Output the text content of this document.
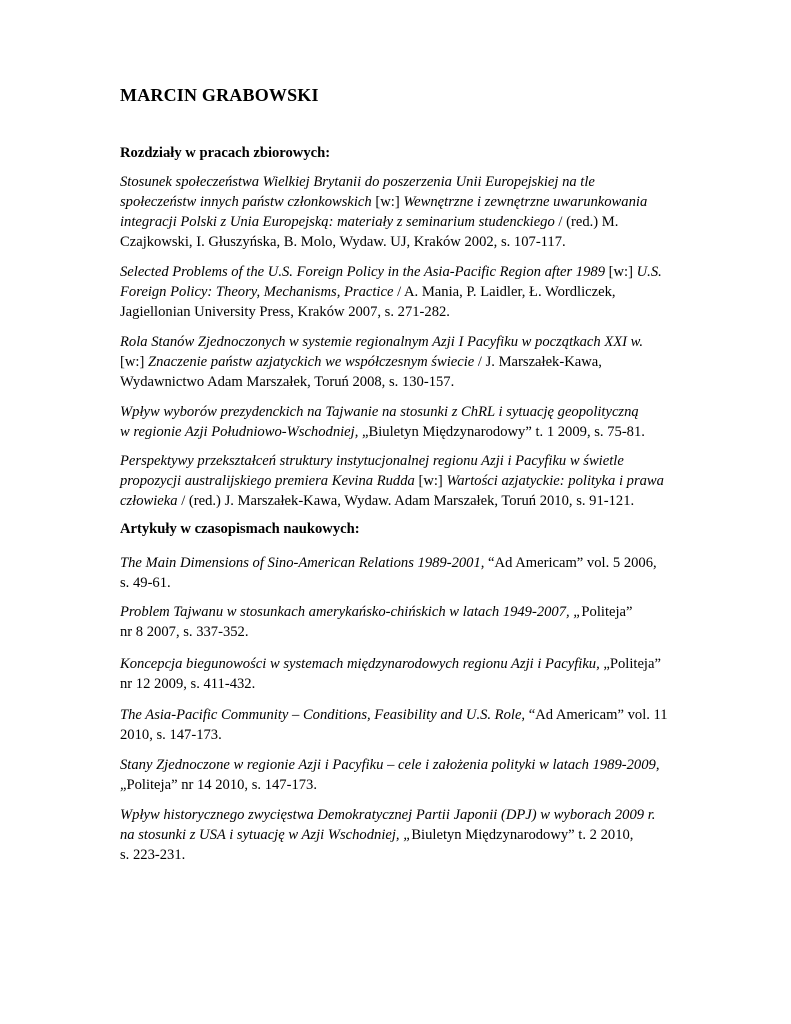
MARCIN GRABOWSKI
Rozdziały w pracach zbiorowych:
Stosunek społeczeństwa Wielkiej Brytanii do poszerzenia Unii Europejskiej na tle
społeczeństw innych państw członkowskich [w:] Wewnętrzne i zewnętrzne uwarunkowania
integracji Polski z Unia Europejską: materiały z seminarium studenckiego / (red.) M.
Czajkowski, I. Głuszyńska, B. Molo, Wydaw. UJ, Kraków 2002, s. 107-117.
Selected Problems of the U.S. Foreign Policy in the Asia-Pacific Region after 1989 [w:] U.S.
Foreign Policy: Theory, Mechanisms, Practice / A. Mania, P. Laidler, Ł. Wordliczek,
Jagiellonian University Press, Kraków 2007, s. 271-282.
Rola Stanów Zjednoczonych w systemie regionalnym Azji I Pacyfiku w początkach XXI w.
[w:] Znaczenie państw azjatyckich we współczesnym świecie / J. Marszałek-Kawa,
Wydawnictwo Adam Marszałek, Toruń 2008, s. 130-157.
Wpływ wyborów prezydenckich na Tajwanie na stosunki z ChRL i sytuację geopolityczną
w regionie Azji Południowo-Wschodniej, „Biuletyn Międzynarodowy” t. 1 2009, s. 75-81.
Perspektywy przekształceń struktury instytucjonalnej regionu Azji i Pacyfiku w świetle
propozycji australijskiego premiera Kevina Rudda [w:] Wartości azjatyckie: polityka i prawa
człowieka / (red.) J. Marszałek-Kawa, Wydaw. Adam Marszałek, Toruń 2010, s. 91-121.
Artykuły w czasopismach naukowych:
The Main Dimensions of Sino-American Relations 1989-2001, “Ad Americam” vol. 5 2006,
s. 49-61.
Problem Tajwanu w stosunkach amerykańsko-chińskich w latach 1949-2007, „Politeja”
nr 8 2007, s. 337-352.
Koncepcja biegunowości w systemach międzynarodowych regionu Azji i Pacyfiku, „Politeja”
nr 12 2009, s. 411-432.
The Asia-Pacific Community – Conditions, Feasibility and U.S. Role, “Ad Americam” vol. 11
2010, s. 147-173.
Stany Zjednoczone w regionie Azji i Pacyfiku – cele i założenia polityki w latach 1989-2009,
„Politeja” nr 14 2010, s. 147-173.
Wpływ historycznego zwycięstwa Demokratycznej Partii Japonii (DPJ) w wyborach 2009 r.
na stosunki z USA i sytuację w Azji Wschodniej, „Biuletyn Międzynarodowy” t. 2 2010,
s. 223-231.
